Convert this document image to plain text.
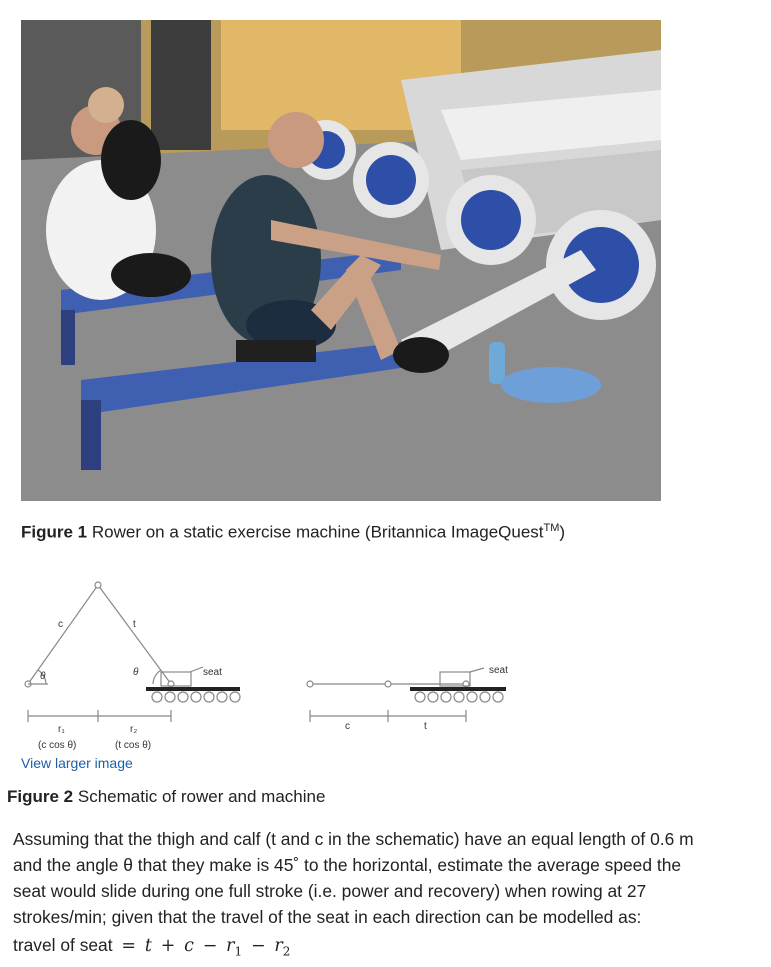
Figure 1 Rower on a static exercise machine (Britannica ImageQuest™)
c	t
θ	θ	seat
r₁	r₂
(c cos θ)	(t cos θ)
seat
c	t
View larger image
Figure 2 Schematic of rower and machine
Assuming that the thigh and calf (t and c in the schematic) have an equal length of 0.6 m and the angle θ that they make is 45˚ to the horizontal, estimate the average speed the seat would slide during one full stroke (i.e. power and recovery) when rowing at 27 strokes/min; given that the travel of the seat in each direction can be modelled as:
travel of seat = $t + c - r_1 - r_2$
